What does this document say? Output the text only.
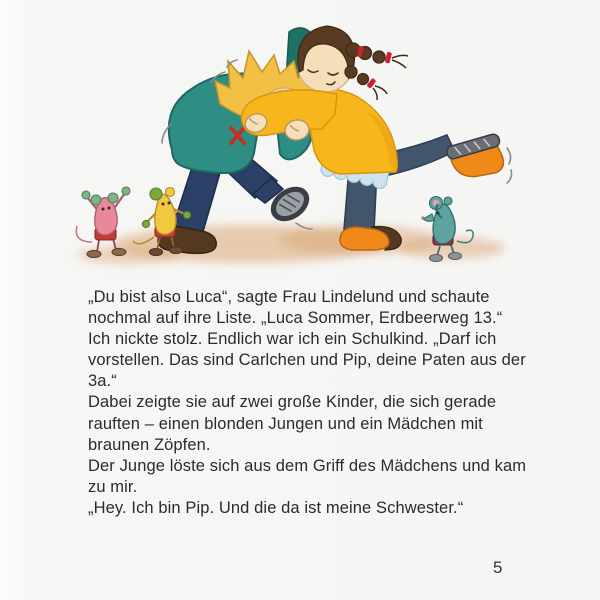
„Du bist also Luca“, sagte Frau Lindelund und schaute
nochmal auf ihre Liste. „Luca Sommer, Erdbeerweg 13.“
Ich nickte stolz. Endlich war ich ein Schulkind. „Darf ich
vorstellen. Das sind Carlchen und Pip, deine Paten aus der
3a.“
Dabei zeigte sie auf zwei große Kinder, die sich gerade
rauften – einen blonden Jungen und ein Mädchen mit
braunen Zöpfen.
Der Junge löste sich aus dem Griff des Mädchens und kam
zu mir.
„Hey. Ich bin Pip. Und die da ist meine Schwester.“
5
